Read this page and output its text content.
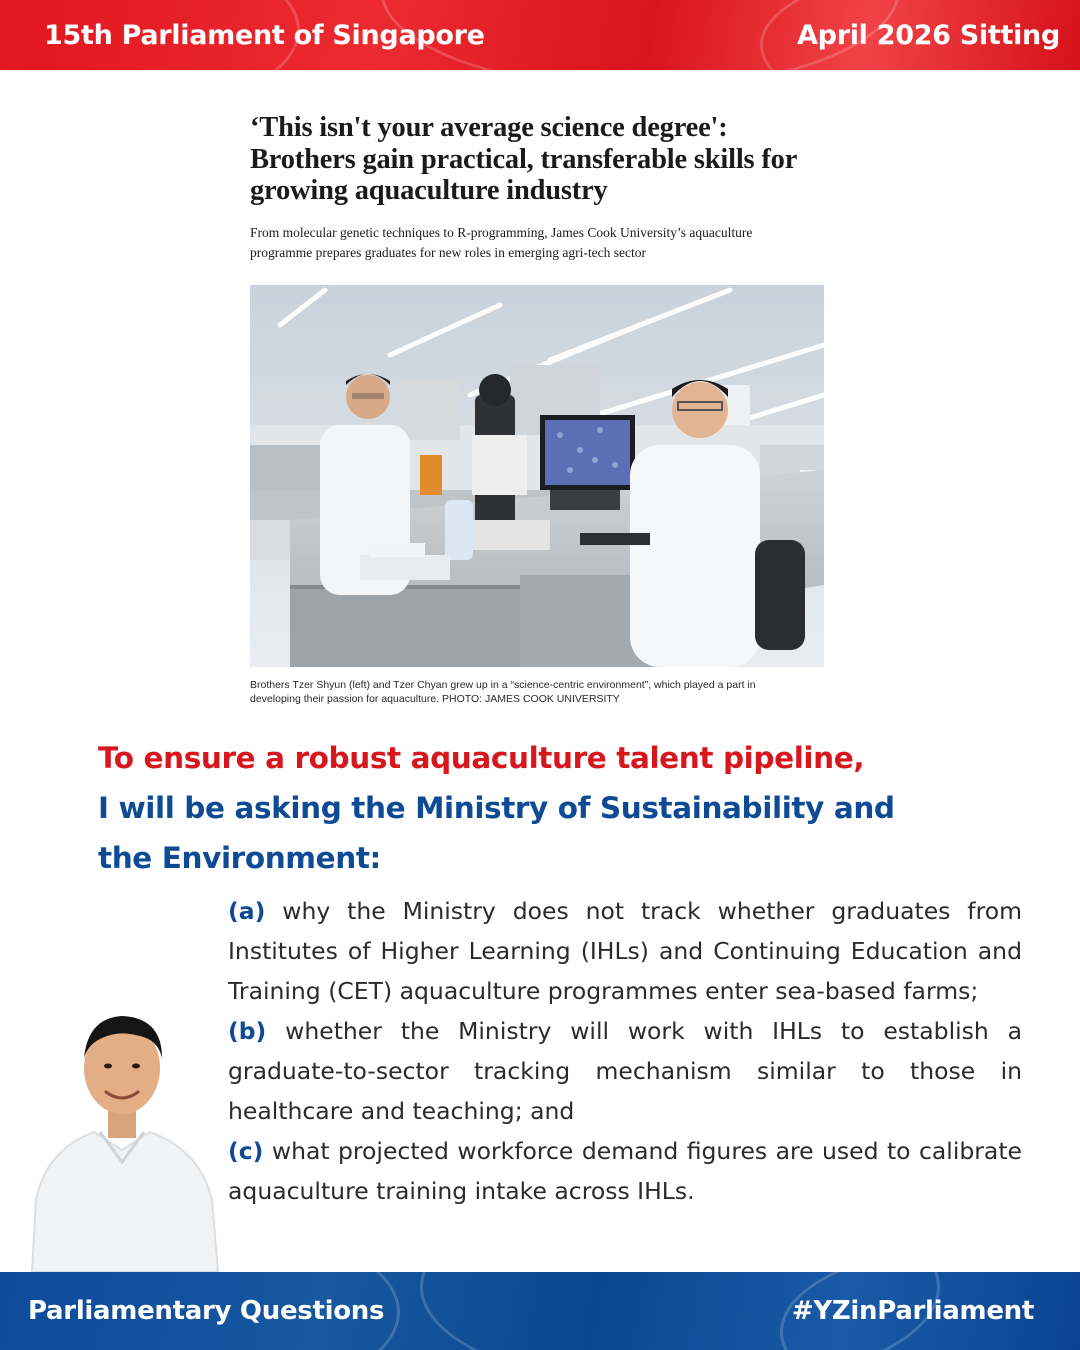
15th Parliament of Singapore	April 2026 Sitting
‘This isn't your average science degree':
Brothers gain practical, transferable skills for
growing aquaculture industry
From molecular genetic techniques to R-programming, James Cook University’s aquaculture
programme prepares graduates for new roles in emerging agri-tech sector
Brothers Tzer Shyun (left) and Tzer Chyan grew up in a “science-centric environment”, which played a part in
developing their passion for aquaculture. PHOTO: JAMES COOK UNIVERSITY
To ensure a robust aquaculture talent pipeline,
I will be asking the Ministry of Sustainability and
the Environment:

(a) why the Ministry does not track whether graduates from Institutes of Higher Learning (IHLs) and Continuing Education and Training (CET) aquaculture programmes enter sea-based farms;

(b) whether the Ministry will work with IHLs to establish a graduate-to-sector tracking mechanism similar to those in healthcare and teaching; and

(c) what projected workforce demand figures are used to calibrate aquaculture training intake across IHLs.

Parliamentary Questions	#YZinParliament
